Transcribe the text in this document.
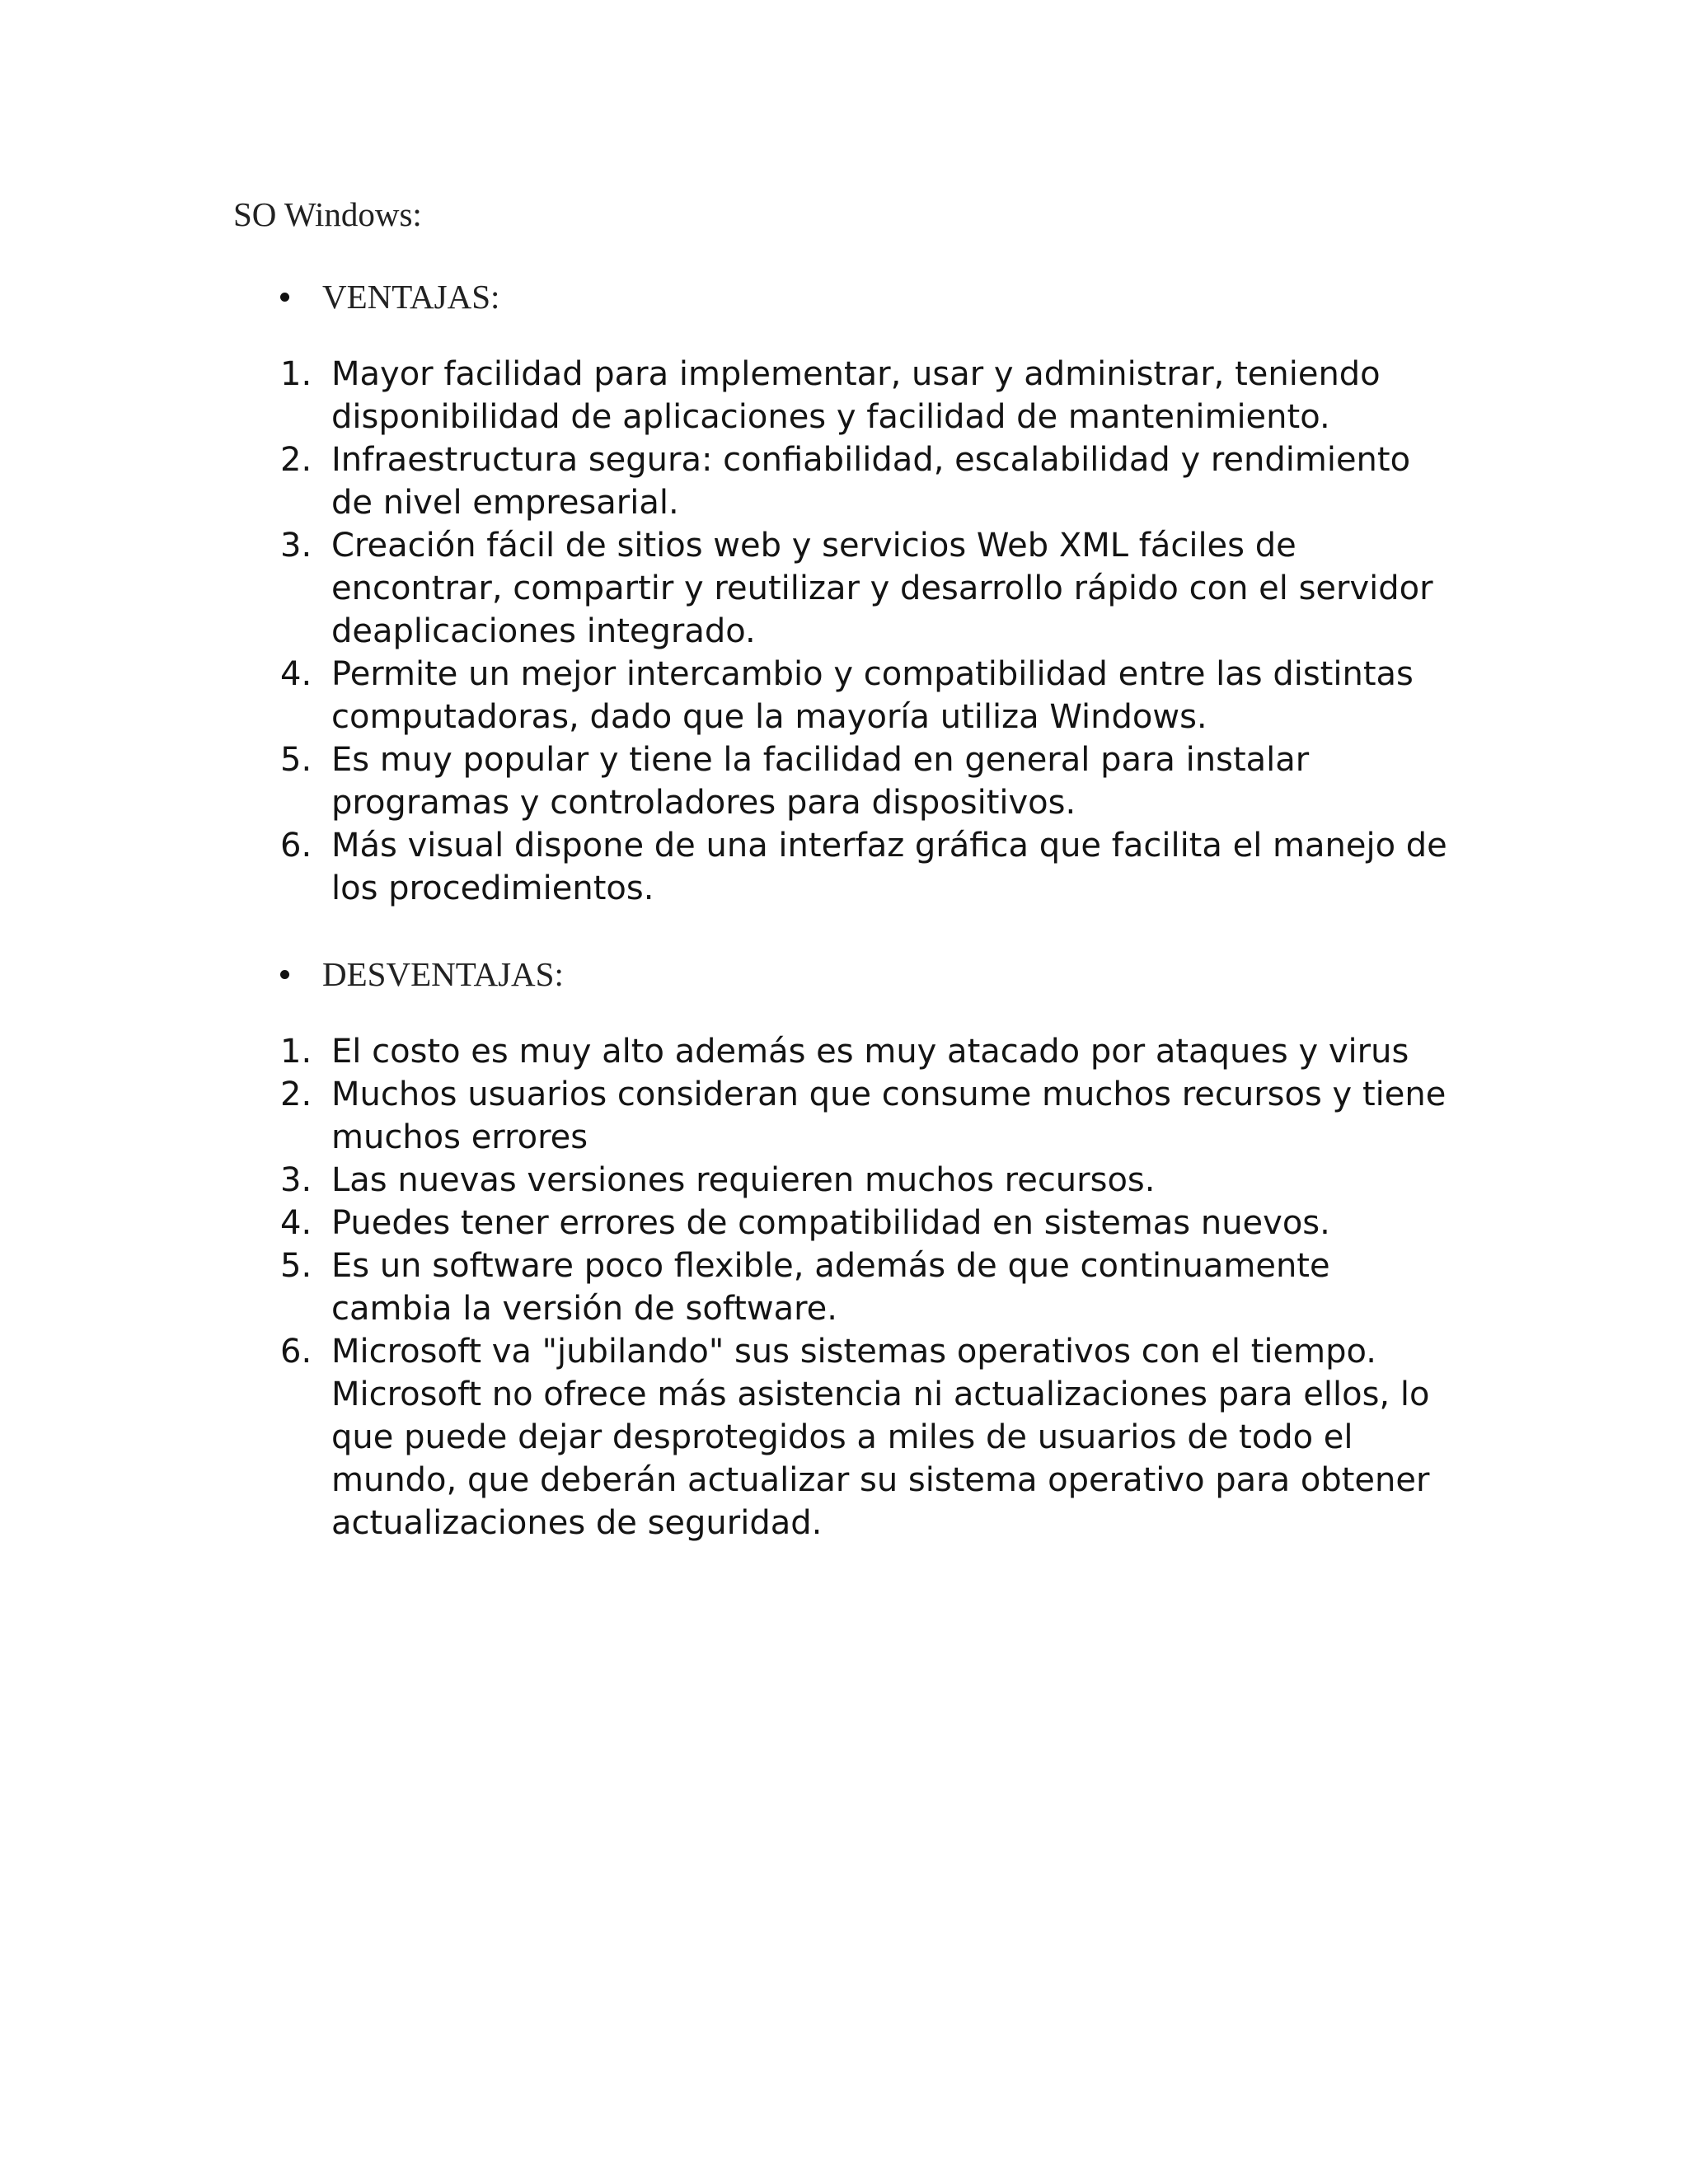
SO Windows:

VENTAJAS:
1. Mayor facilidad para implementar, usar y administrar, teniendo disponibilidad de aplicaciones y facilidad de mantenimiento.
2. Infraestructura segura: confiabilidad, escalabilidad y rendimiento de nivel empresarial.
3. Creación fácil de sitios web y servicios Web XML fáciles de encontrar, compartir y reutilizar y desarrollo rápido con el servidor deaplicaciones integrado.
4. Permite un mejor intercambio y compatibilidad entre las distintas computadoras, dado que la mayoría utiliza Windows.
5. Es muy popular y tiene la facilidad en general para instalar programas y controladores para dispositivos.
6. Más visual dispone de una interfaz gráfica que facilita el manejo de los procedimientos.
DESVENTAJAS:
1. El costo es muy alto además es muy atacado por ataques y virus
2. Muchos usuarios consideran que consume muchos recursos y tiene muchos errores
3. Las nuevas versiones requieren muchos recursos.
4. Puedes tener errores de compatibilidad en sistemas nuevos.
5. Es un software poco flexible, además de que continuamente cambia la versión de software.
6. Microsoft va "jubilando" sus sistemas operativos con el tiempo. Microsoft no ofrece más asistencia ni actualizaciones para ellos, lo que puede dejar desprotegidos a miles de usuarios de todo el mundo, que deberán actualizar su sistema operativo para obtener actualizaciones de seguridad.
